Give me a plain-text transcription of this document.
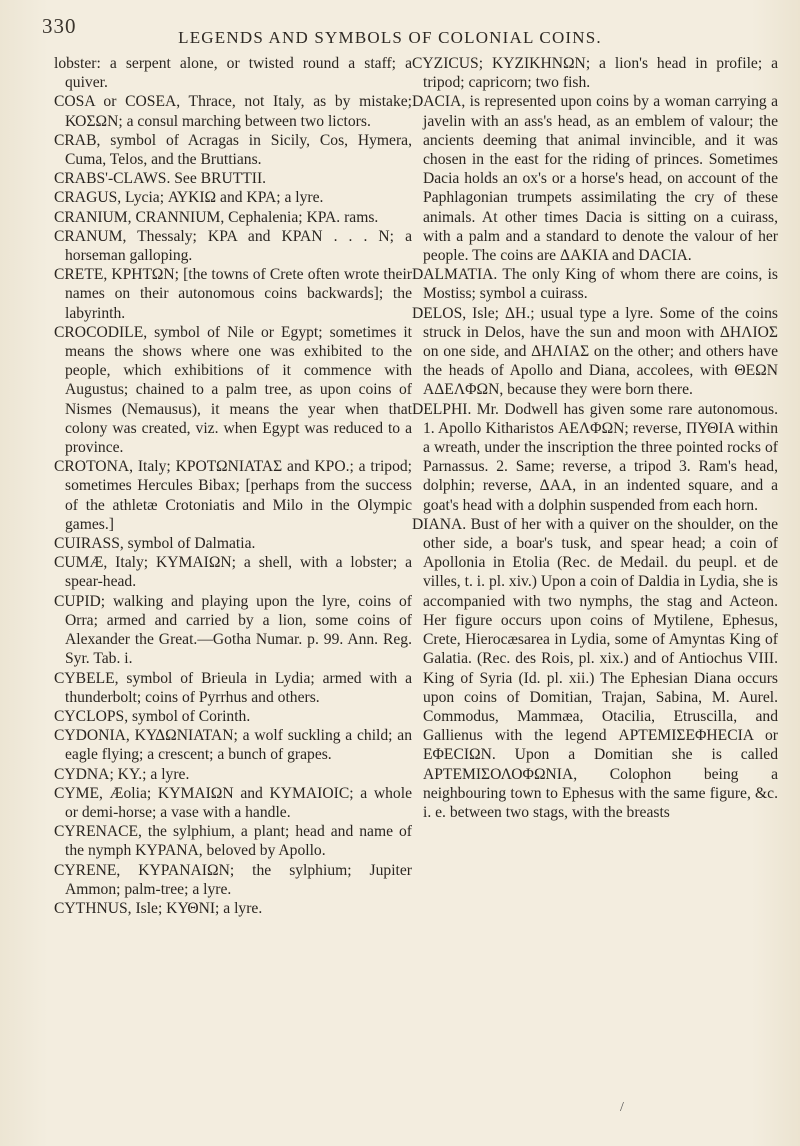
330	LEGENDS AND SYMBOLS OF COLONIAL COINS.

lobster: a serpent alone, or twisted round a staff; a quiver.

COSA or COSEA, Thrace, not Italy, as by mistake; ΚΟΣΩΝ; a consul marching between two lictors.

CRAB, symbol of Acragas in Sicily, Cos, Hymera, Cuma, Telos, and the Bruttians.

CRABS'-CLAWS. See BRUTTII.

CRAGUS, Lycia; ΑΥΚΙΩ and ΚΡΑ; a lyre.

CRANIUM, CRANNIUM, Cephalenia; ΚΡΑ. rams.

CRANUM, Thessaly; ΚΡΑ and ΚΡΑΝ . . . Ν; a horseman galloping.

CRETE, ΚΡΗΤΩΝ; [the towns of Crete often wrote their names on their autonomous coins backwards]; the labyrinth.

CROCODILE, symbol of Nile or Egypt; sometimes it means the shows where one was exhibited to the people, which exhibitions of it commence with Augustus; chained to a palm tree, as upon coins of Nismes (Nemausus), it means the year when that colony was created, viz. when Egypt was reduced to a province.

CROTONA, Italy; ΚΡΟΤΩΝΙΑΤΑΣ and ΚΡΟ.; a tripod; sometimes Hercules Bibax; [perhaps from the success of the athletæ Crotoniatis and Milo in the Olympic games.]

CUIRASS, symbol of Dalmatia.

CUMÆ, Italy; ΚΥΜΑΙΩΝ; a shell, with a lobster; a spear-head.

CUPID; walking and playing upon the lyre, coins of Orra; armed and carried by a lion, some coins of Alexander the Great.—Gotha Numar. p. 99. Ann. Reg. Syr. Tab. i.

CYBELE, symbol of Brieula in Lydia; armed with a thunderbolt; coins of Pyrrhus and others.

CYCLOPS, symbol of Corinth.

CYDONIA, ΚΥΔΩΝΙΑΤΑΝ; a wolf suckling a child; an eagle flying; a crescent; a bunch of grapes.

CYDNA; ΚΥ.; a lyre.

CYME, Æolia; ΚΥΜΑΙΩΝ and ΚΥΜΑΙΟΙC; a whole or demi-horse; a vase with a handle.

CYRENACE, the sylphium, a plant; head and name of the nymph ΚΥΡΑΝΑ, beloved by Apollo.

CYRENE, ΚΥΡΑΝΑΙΩΝ; the sylphium; Jupiter Ammon; palm-tree; a lyre.

CYTHNUS, Isle; ΚΥΘΝΙ; a lyre.

CYZICUS; ΚΥΖΙΚΗΝΩΝ; a lion's head in profile; a tripod; capricorn; two fish.

DACIA, is represented upon coins by a woman carrying a javelin with an ass's head, as an emblem of valour; the ancients deeming that animal invincible, and it was chosen in the east for the riding of princes. Sometimes Dacia holds an ox's or a horse's head, on account of the Paphlagonian trumpets assimilating the cry of these animals. At other times Dacia is sitting on a cuirass, with a palm and a standard to denote the valour of her people. The coins are ΔΑΚΙΑ and DACIA.

DALMATIA. The only King of whom there are coins, is Mostiss; symbol a cuirass.

DELOS, Isle; ΔΗ.; usual type a lyre. Some of the coins struck in Delos, have the sun and moon with ΔΗΛΙΟΣ on one side, and ΔΗΛΙΑΣ on the other; and others have the heads of Apollo and Diana, accolees, with ΘΕΩΝ ΑΔΕΛΦΩΝ, because they were born there.

DELPHI. Mr. Dodwell has given some rare autonomous. 1. Apollo Kitharistos ΑΕΛΦΩΝ; reverse, ΠΥΘΙΑ within a wreath, under the inscription the three pointed rocks of Parnassus. 2. Same; reverse, a tripod 3. Ram's head, dolphin; reverse, ΔΑΑ, in an indented square, and a goat's head with a dolphin suspended from each horn.

DIANA. Bust of her with a quiver on the shoulder, on the other side, a boar's tusk, and spear head; a coin of Apollonia in Etolia (Rec. de Medail. du peupl. et de villes, t. i. pl. xiv.) Upon a coin of Daldia in Lydia, she is accompanied with two nymphs, the stag and Acteon. Her figure occurs upon coins of Mytilene, Ephesus, Crete, Hierocæsarea in Lydia, some of Amyntas King of Galatia. (Rec. des Rois, pl. xix.) and of Antiochus VIII. King of Syria (Id. pl. xii.) The Ephesian Diana occurs upon coins of Domitian, Trajan, Sabina, M. Aurel. Commodus, Mammæa, Otacilia, Etruscilla, and Gallienus with the legend ΑΡΤΕΜΙΣΕΦΗΕCΙΑ or ΕΦΕCΙΩΝ. Upon a Domitian she is called ΑΡΤΕΜΙΣΟΛΟΦΩΝΙΑ, Colophon being a neighbouring town to Ephesus with the same figure, &c. i. e. between two stags, with the breasts

/
